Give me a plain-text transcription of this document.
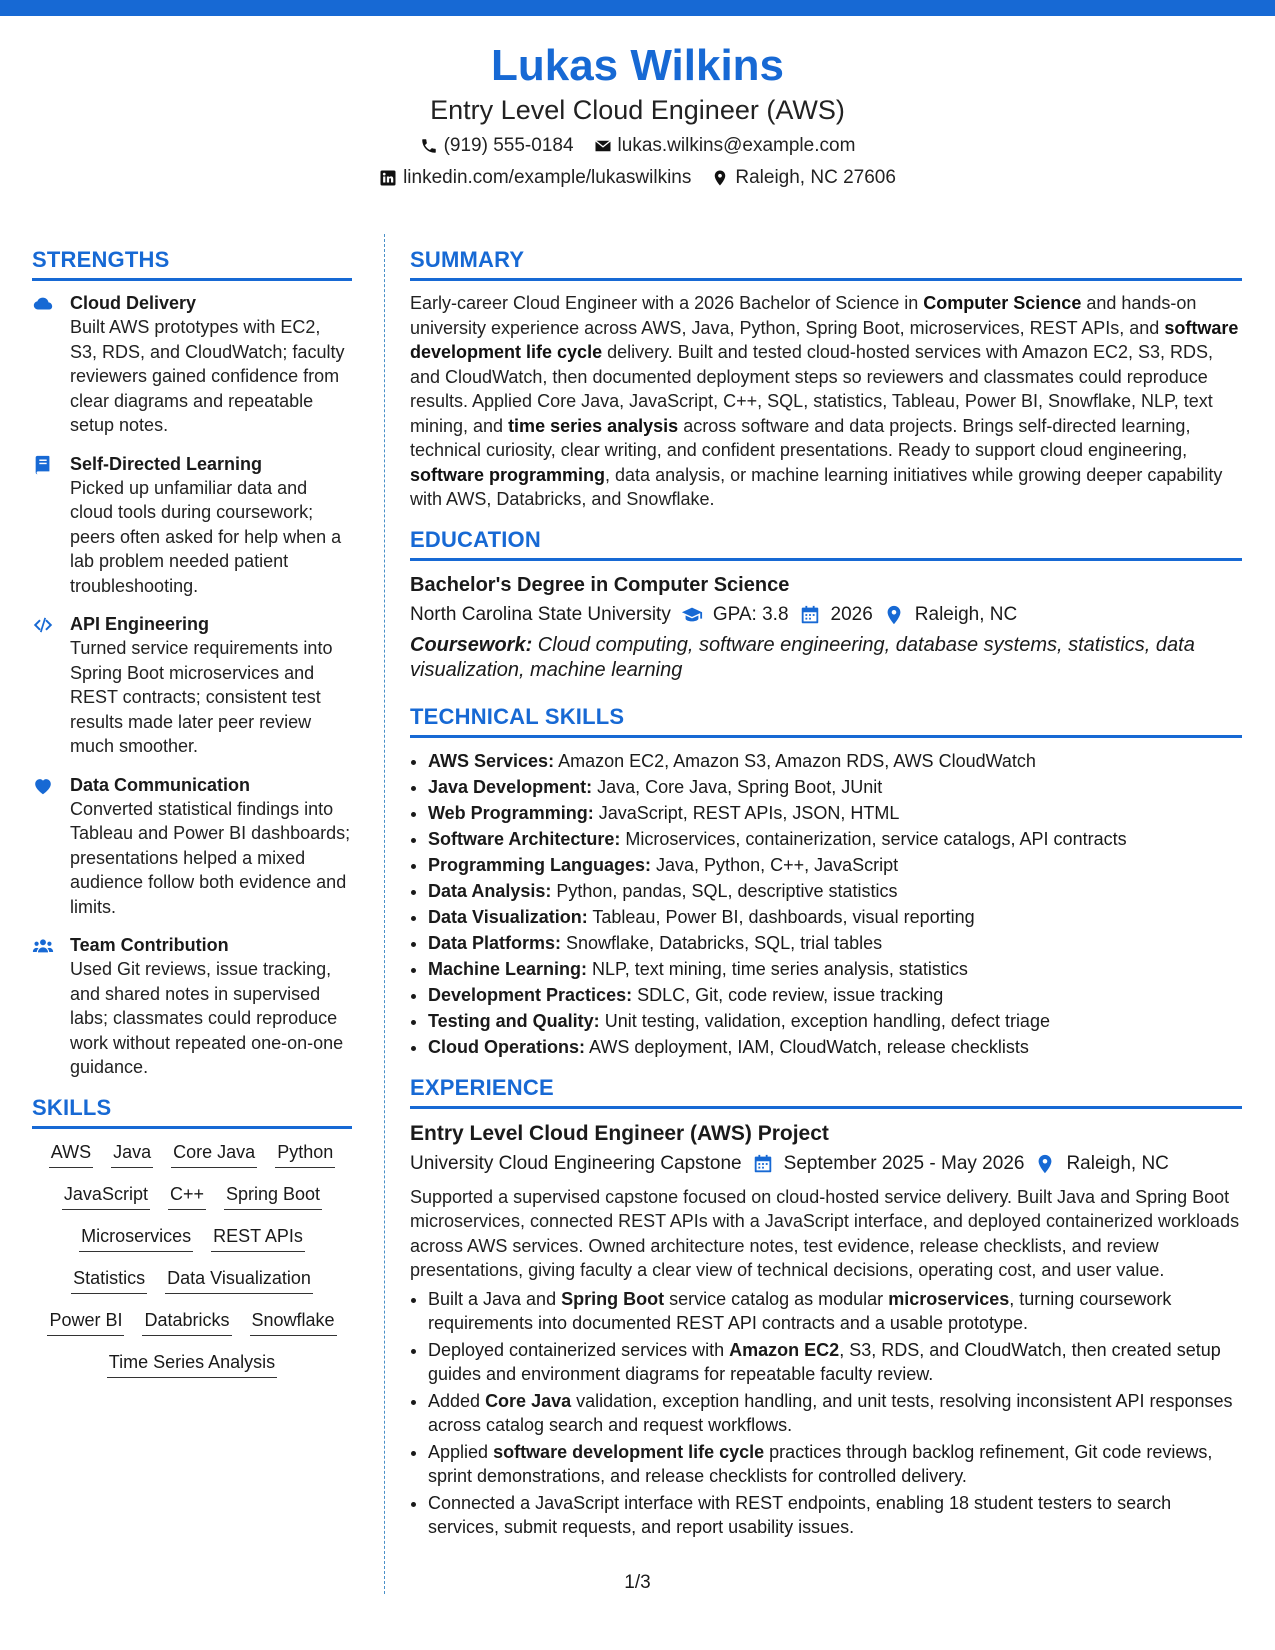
Lukas Wilkins
Entry Level Cloud Engineer (AWS)
(919) 555-0184 lukas.wilkins@example.com
linkedin.com/example/lukaswilkins Raleigh, NC 27606
STRENGTHS
Cloud Delivery
Built AWS prototypes with EC2, S3, RDS, and CloudWatch; faculty reviewers gained confidence from clear diagrams and repeatable setup notes.
Self-Directed Learning
Picked up unfamiliar data and cloud tools during coursework; peers often asked for help when a lab problem needed patient troubleshooting.
API Engineering
Turned service requirements into Spring Boot microservices and REST contracts; consistent test results made later peer review much smoother.
Data Communication
Converted statistical findings into Tableau and Power BI dashboards; presentations helped a mixed audience follow both evidence and limits.
Team Contribution
Used Git reviews, issue tracking, and shared notes in supervised labs; classmates could reproduce work without repeated one-on-one guidance.
SKILLS
AWS Java Core Java Python
JavaScript C++ Spring Boot
Microservices REST APIs
Statistics Data Visualization
Power BI Databricks Snowflake
Time Series Analysis
SUMMARY
Early-career Cloud Engineer with a 2026 Bachelor of Science in Computer Science and hands-on university experience across AWS, Java, Python, Spring Boot, microservices, REST APIs, and software development life cycle delivery. Built and tested cloud-hosted services with Amazon EC2, S3, RDS, and CloudWatch, then documented deployment steps so reviewers and classmates could reproduce results. Applied Core Java, JavaScript, C++, SQL, statistics, Tableau, Power BI, Snowflake, NLP, text mining, and time series analysis across software and data projects. Brings self-directed learning, technical curiosity, clear writing, and confident presentations. Ready to support cloud engineering, software programming, data analysis, or machine learning initiatives while growing deeper capability with AWS, Databricks, and Snowflake.
EDUCATION
Bachelor's Degree in Computer Science
North Carolina State University GPA: 3.8 2026 Raleigh, NC
Coursework: Cloud computing, software engineering, database systems, statistics, data visualization, machine learning
TECHNICAL SKILLS
• AWS Services: Amazon EC2, Amazon S3, Amazon RDS, AWS CloudWatch
• Java Development: Java, Core Java, Spring Boot, JUnit
• Web Programming: JavaScript, REST APIs, JSON, HTML
• Software Architecture: Microservices, containerization, service catalogs, API contracts
• Programming Languages: Java, Python, C++, JavaScript
• Data Analysis: Python, pandas, SQL, descriptive statistics
• Data Visualization: Tableau, Power BI, dashboards, visual reporting
• Data Platforms: Snowflake, Databricks, SQL, trial tables
• Machine Learning: NLP, text mining, time series analysis, statistics
• Development Practices: SDLC, Git, code review, issue tracking
• Testing and Quality: Unit testing, validation, exception handling, defect triage
• Cloud Operations: AWS deployment, IAM, CloudWatch, release checklists
EXPERIENCE
Entry Level Cloud Engineer (AWS) Project
University Cloud Engineering Capstone September 2025 - May 2026 Raleigh, NC
Supported a supervised capstone focused on cloud-hosted service delivery. Built Java and Spring Boot microservices, connected REST APIs with a JavaScript interface, and deployed containerized workloads across AWS services. Owned architecture notes, test evidence, release checklists, and review presentations, giving faculty a clear view of technical decisions, operating cost, and user value.
• Built a Java and Spring Boot service catalog as modular microservices, turning coursework requirements into documented REST API contracts and a usable prototype.
• Deployed containerized services with Amazon EC2, S3, RDS, and CloudWatch, then created setup guides and environment diagrams for repeatable faculty review.
• Added Core Java validation, exception handling, and unit tests, resolving inconsistent API responses across catalog search and request workflows.
• Applied software development life cycle practices through backlog refinement, Git code reviews, sprint demonstrations, and release checklists for controlled delivery.
• Connected a JavaScript interface with REST endpoints, enabling 18 student testers to search services, submit requests, and report usability issues.
1/3
